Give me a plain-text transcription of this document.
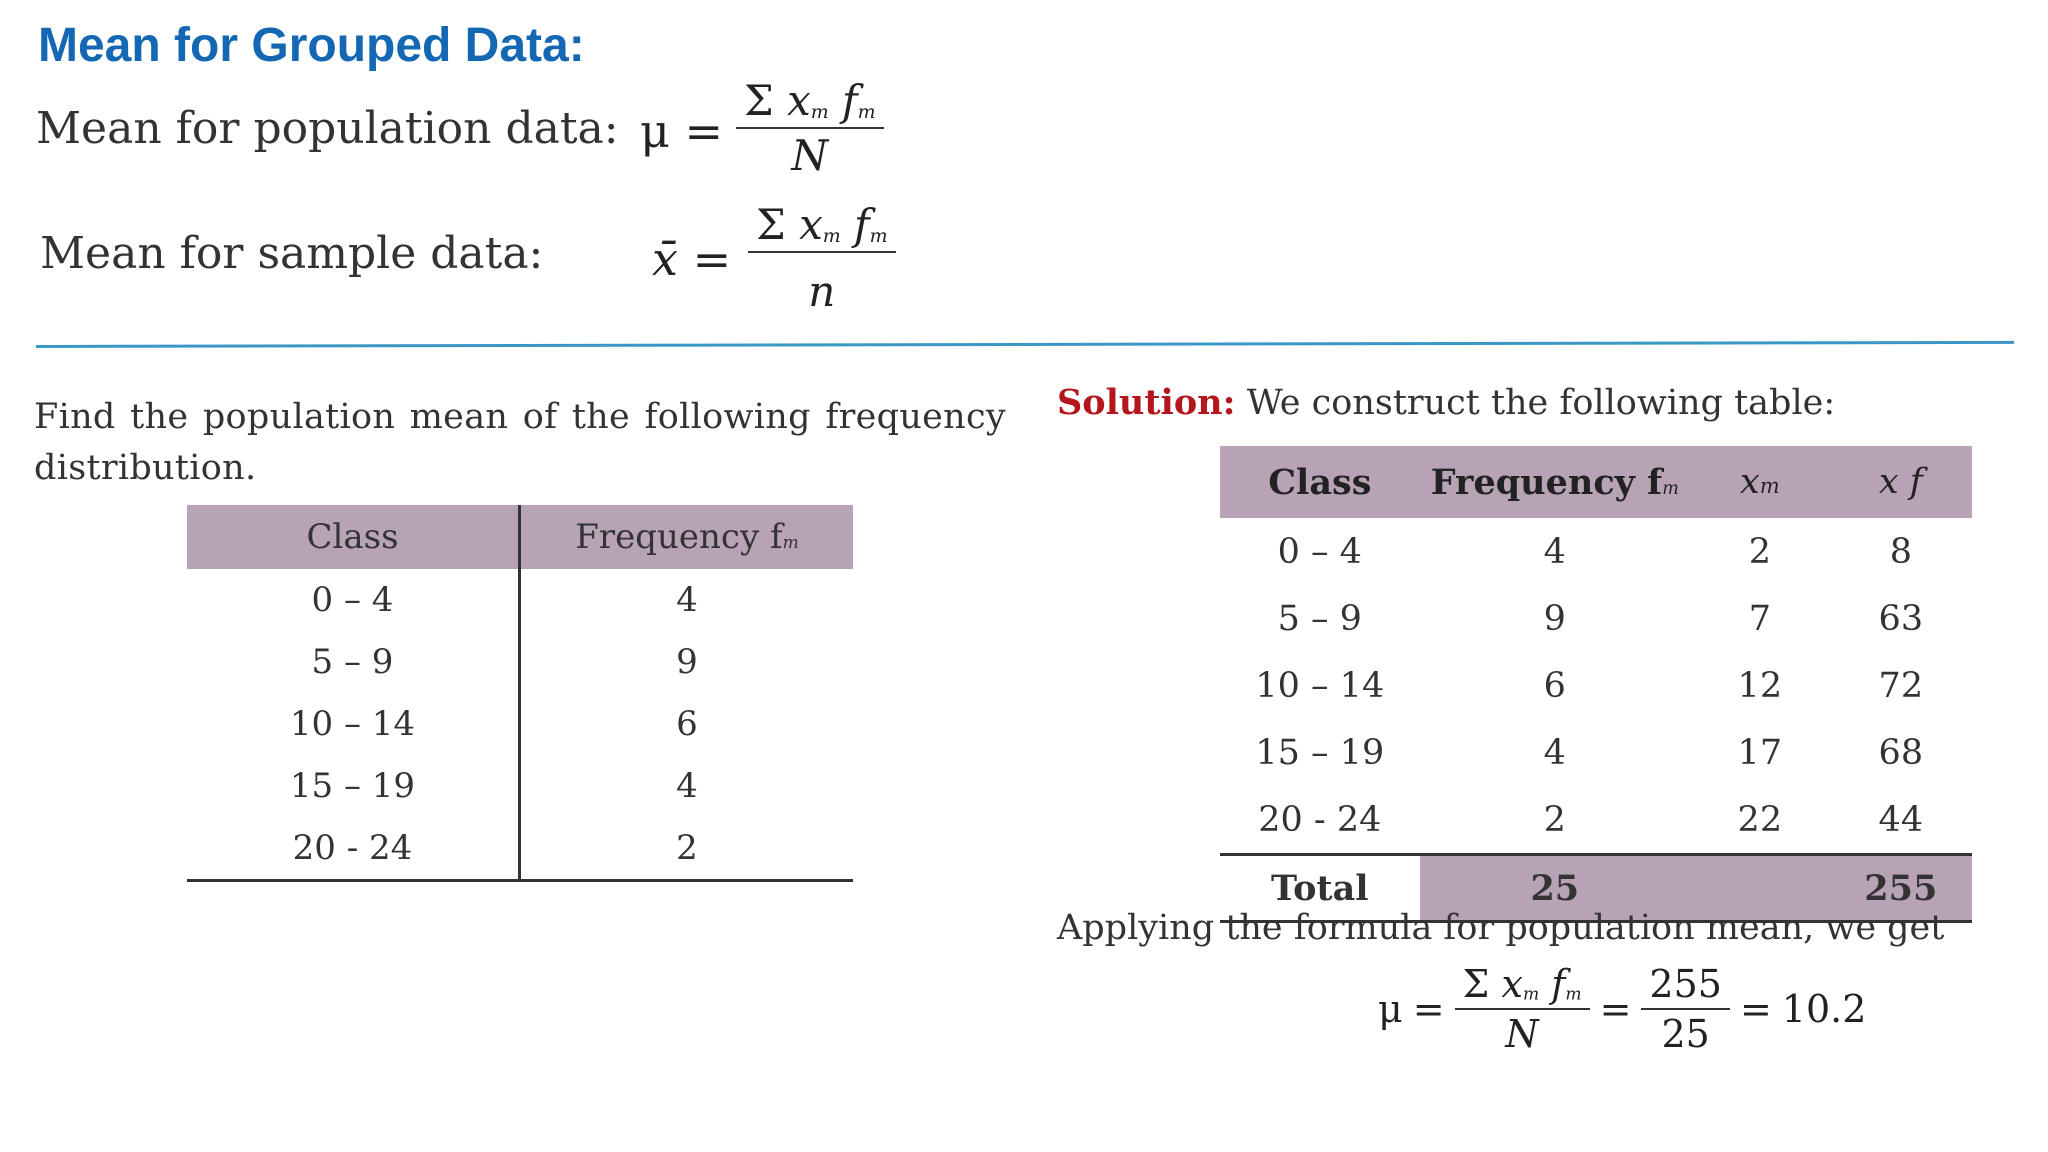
Mean for Grouped Data:
Mean for population data: $\mu = \frac{\text{Σ xm fm}}{N}$
Mean for sample data: x̄ = $\frac{\text{Σ xm fm}}{n}$
Find the population mean of the following frequency distribution.
Class	Frequency fm
0 – 4	4
5 – 9	9
10 – 14	6
15 – 19	4
20 - 24	2
Solution: We construct the following table:
Class	Frequency fm	xm	x f
0 – 4	4	2	8
5 – 9	9	7	63
10 – 14	6	12	72
15 – 19	4	17	68
20 - 24	2	22	44
Total	25		255
Applying the formula for population mean, we get
$\mu = \frac{\text{Σ xm fm}}{N} = \frac{255}{25} = 10.2$
